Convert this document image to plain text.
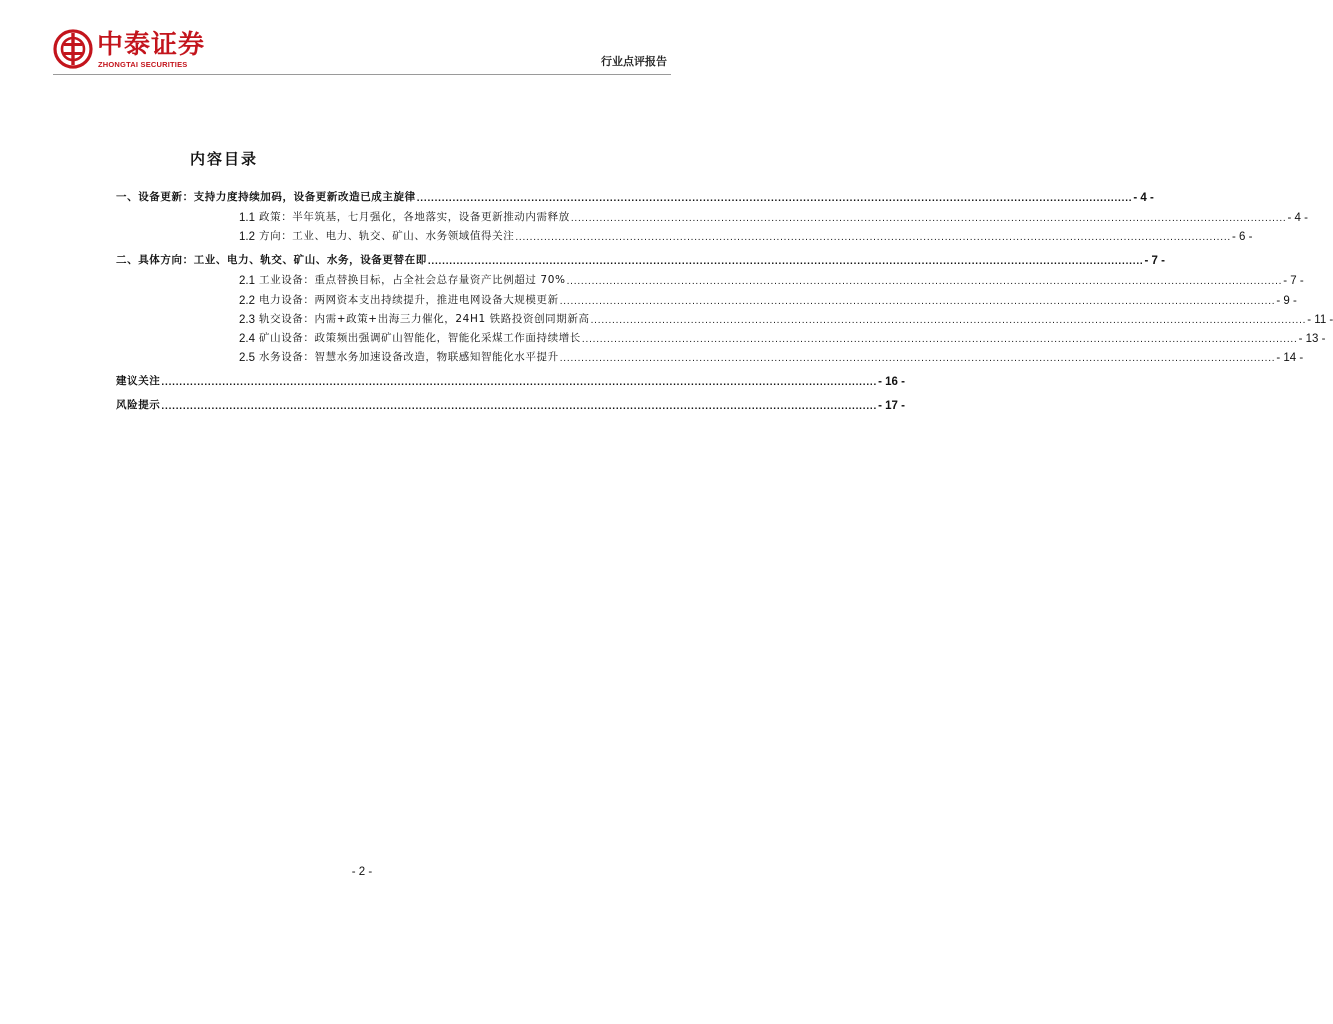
中泰证券
ZHONGTAI SECURITIES	行业点评报告
内容目录
一、设备更新：支持力度持续加码，设备更新改造已成主旋律 ........................................................................................................................................................................................................ - 4 -
1.1 政策：半年筑基，七月强化，各地落实，设备更新推动内需释放 ........................................................................................................................................................................................................ - 4 -
1.2 方向：工业、电力、轨交、矿山、水务领域值得关注 ........................................................................................................................................................................................................ - 6 -
二、具体方向：工业、电力、轨交、矿山、水务，设备更替在即 ........................................................................................................................................................................................................ - 7 -
2.1 工业设备：重点替换目标，占全社会总存量资产比例超过 70% ........................................................................................................................................................................................................ - 7 -
2.2 电力设备：两网资本支出持续提升，推进电网设备大规模更新 ........................................................................................................................................................................................................ - 9 -
2.3 轨交设备：内需+政策+出海三力催化，24H1 铁路投资创同期新高 ........................................................................................................................................................................................................ - 11 -
2.4 矿山设备：政策频出强调矿山智能化，智能化采煤工作面持续增长 ........................................................................................................................................................................................................ - 13 -
2.5 水务设备：智慧水务加速设备改造，物联感知智能化水平提升 ........................................................................................................................................................................................................ - 14 -
建议关注 ........................................................................................................................................................................................................ - 16 -
风险提示 ........................................................................................................................................................................................................ - 17 -
- 2 -
